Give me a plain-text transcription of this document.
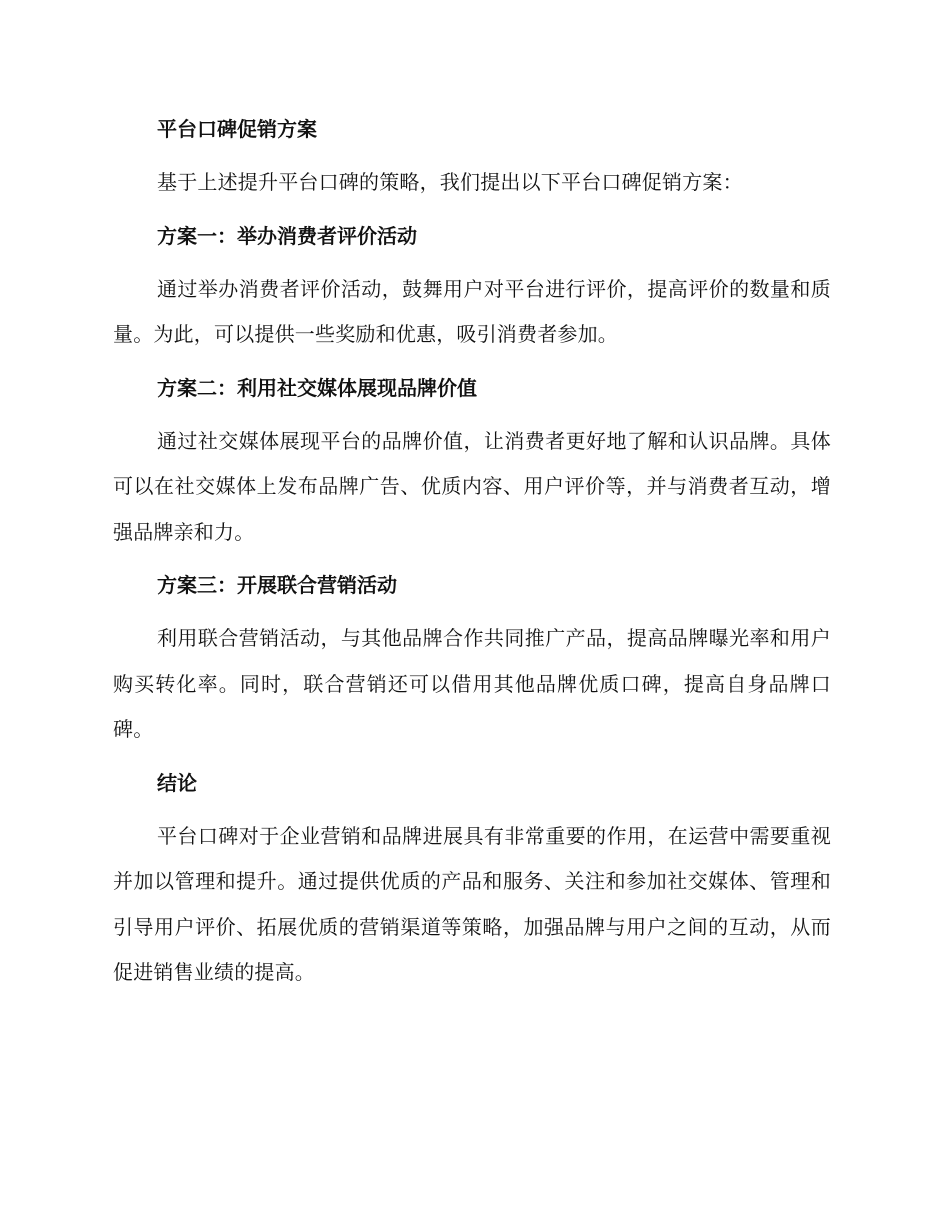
平台口碑促销方案

基于上述提升平台口碑的策略，我们提出以下平台口碑促销方案：

方案一：举办消费者评价活动

通过举办消费者评价活动，鼓舞用户对平台进行评价，提高评价的数量和质量。为此，可以提供一些奖励和优惠，吸引消费者参加。

方案二：利用社交媒体展现品牌价值

通过社交媒体展现平台的品牌价值，让消费者更好地了解和认识品牌。具体可以在社交媒体上发布品牌广告、优质内容、用户评价等，并与消费者互动，增强品牌亲和力。

方案三：开展联合营销活动

利用联合营销活动，与其他品牌合作共同推广产品，提高品牌曝光率和用户购买转化率。同时，联合营销还可以借用其他品牌优质口碑，提高自身品牌口碑。

结论

平台口碑对于企业营销和品牌进展具有非常重要的作用，在运营中需要重视并加以管理和提升。通过提供优质的产品和服务、关注和参加社交媒体、管理和引导用户评价、拓展优质的营销渠道等策略，加强品牌与用户之间的互动，从而促进销售业绩的提高。
